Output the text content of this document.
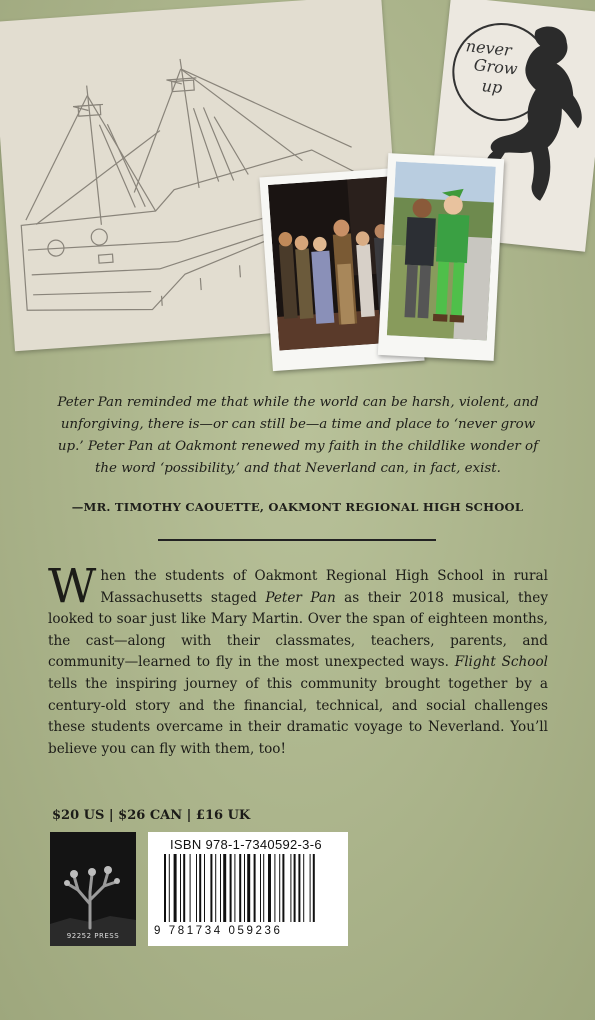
never
Grow
up
Peter Pan reminded me that while the world can be harsh, violent, and unforgiving, there is—or can still be—a time and place to ‘never grow up.’ Peter Pan at Oakmont renewed my faith in the childlike wonder of the word ‘possibility,’ and that Neverland can, in fact, exist.
—MR. TIMOTHY CAOUETTE, OAKMONT REGIONAL HIGH SCHOOL
When the students of Oakmont Regional High School in rural Massachusetts staged Peter Pan as their 2018 musical, they looked to soar just like Mary Martin. Over the span of eighteen months, the cast—along with their classmates, teachers, parents, and community—learned to fly in the most unexpected ways. Flight School tells the inspiring journey of this community brought together by a century-old story and the financial, technical, and social challenges these students overcame in their dramatic voyage to Neverland. You’ll believe you can fly with them, too!
$20 US | $26 CAN | £16 UK
92252 PRESS
ISBN 978-1-7340592-3-6
9 781734 059236
